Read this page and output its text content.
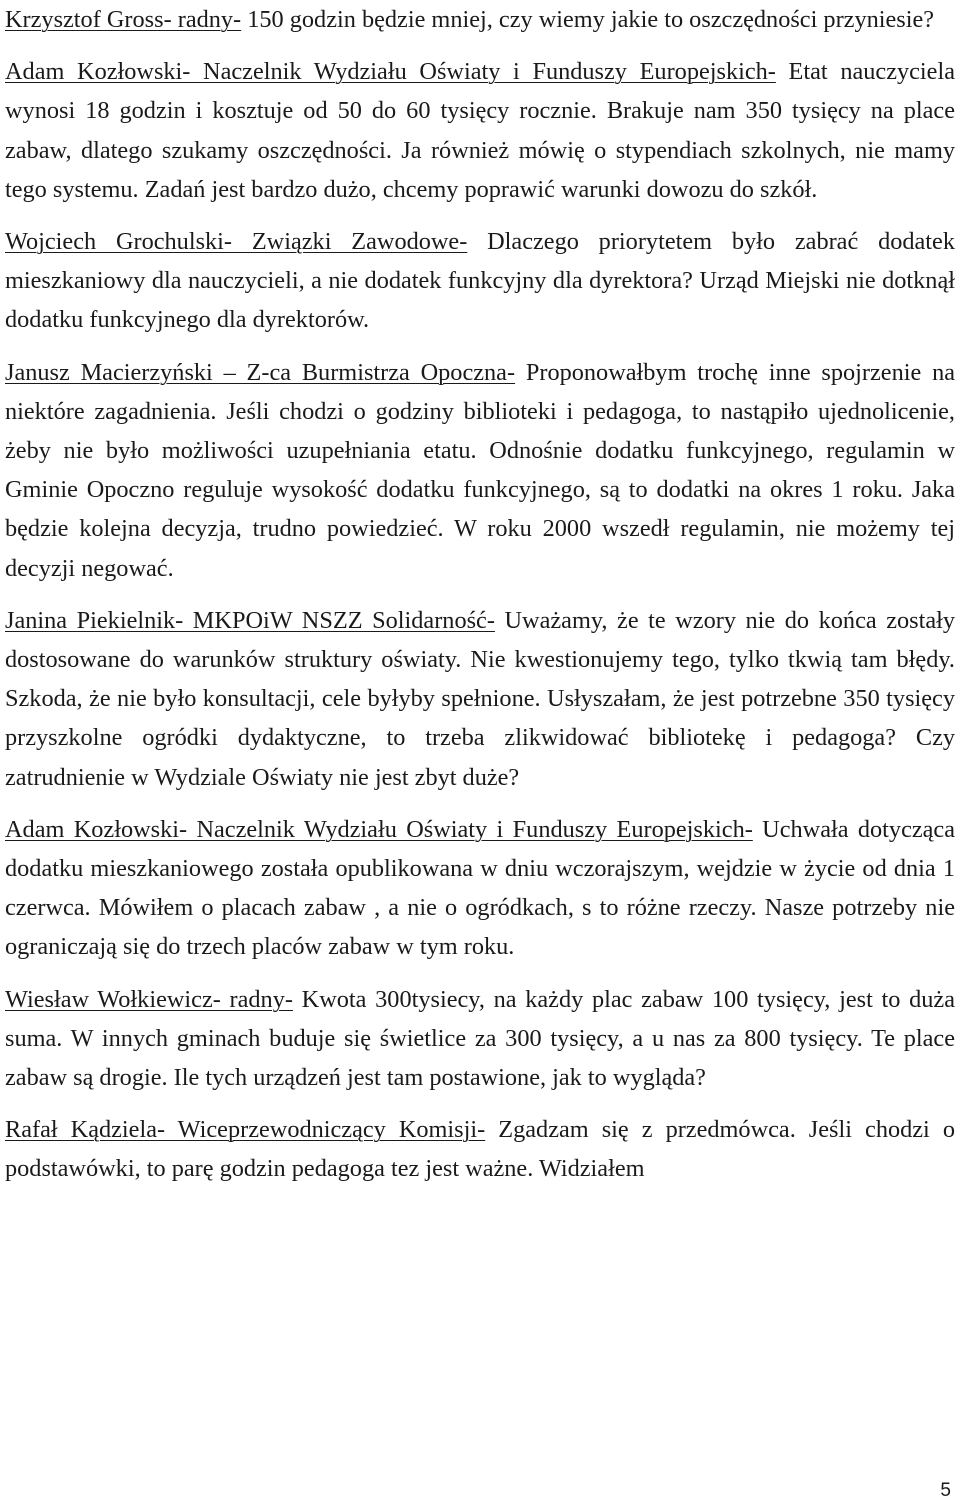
Krzysztof Gross- radny- 150 godzin będzie mniej, czy wiemy jakie to oszczędności przyniesie?

Adam Kozłowski- Naczelnik Wydziału Oświaty i Funduszy Europejskich- Etat nauczyciela wynosi 18 godzin i kosztuje od 50 do 60 tysięcy rocznie. Brakuje nam 350 tysięcy na place zabaw, dlatego szukamy oszczędności. Ja również mówię o stypendiach szkolnych, nie mamy tego systemu. Zadań jest bardzo dużo, chcemy poprawić warunki dowozu do szkół.

Wojciech Grochulski- Związki Zawodowe- Dlaczego priorytetem było zabrać dodatek mieszkaniowy dla nauczycieli, a nie dodatek funkcyjny dla dyrektora? Urząd Miejski nie dotknął dodatku funkcyjnego dla dyrektorów.

Janusz Macierzyński – Z-ca Burmistrza Opoczna- Proponowałbym trochę inne spojrzenie na niektóre zagadnienia. Jeśli chodzi o godziny biblioteki i pedagoga, to nastąpiło ujednolicenie, żeby nie było możliwości uzupełniania etatu. Odnośnie dodatku funkcyjnego, regulamin w Gminie Opoczno reguluje wysokość dodatku funkcyjnego, są to dodatki na okres 1 roku. Jaka będzie kolejna decyzja, trudno powiedzieć. W roku 2000 wszedł regulamin, nie możemy tej decyzji negować.

Janina Piekielnik- MKPOiW NSZZ Solidarność- Uważamy, że te wzory nie do końca zostały dostosowane do warunków struktury oświaty. Nie kwestionujemy tego, tylko tkwią tam błędy. Szkoda, że nie było konsultacji, cele byłyby spełnione. Usłyszałam, że jest potrzebne 350 tysięcy przyszkolne ogródki dydaktyczne, to trzeba zlikwidować bibliotekę i pedagoga? Czy zatrudnienie w Wydziale Oświaty nie jest zbyt duże?

Adam Kozłowski- Naczelnik Wydziału Oświaty i Funduszy Europejskich- Uchwała dotycząca dodatku mieszkaniowego została opublikowana w dniu wczorajszym, wejdzie w życie od dnia 1 czerwca. Mówiłem o placach zabaw , a nie o ogródkach, s to różne rzeczy. Nasze potrzeby nie ograniczają się do trzech placów zabaw w tym roku.

Wiesław Wołkiewicz- radny- Kwota 300tysiecy, na każdy plac zabaw 100 tysięcy, jest to duża suma. W innych gminach buduje się świetlice za 300 tysięcy, a u nas za 800 tysięcy. Te place zabaw są drogie. Ile tych urządzeń jest tam postawione, jak to wygląda?

Rafał Kądziela- Wiceprzewodniczący Komisji- Zgadzam się z przedmówca. Jeśli chodzi o podstawówki, to parę godzin pedagoga tez jest ważne. Widziałem

5
